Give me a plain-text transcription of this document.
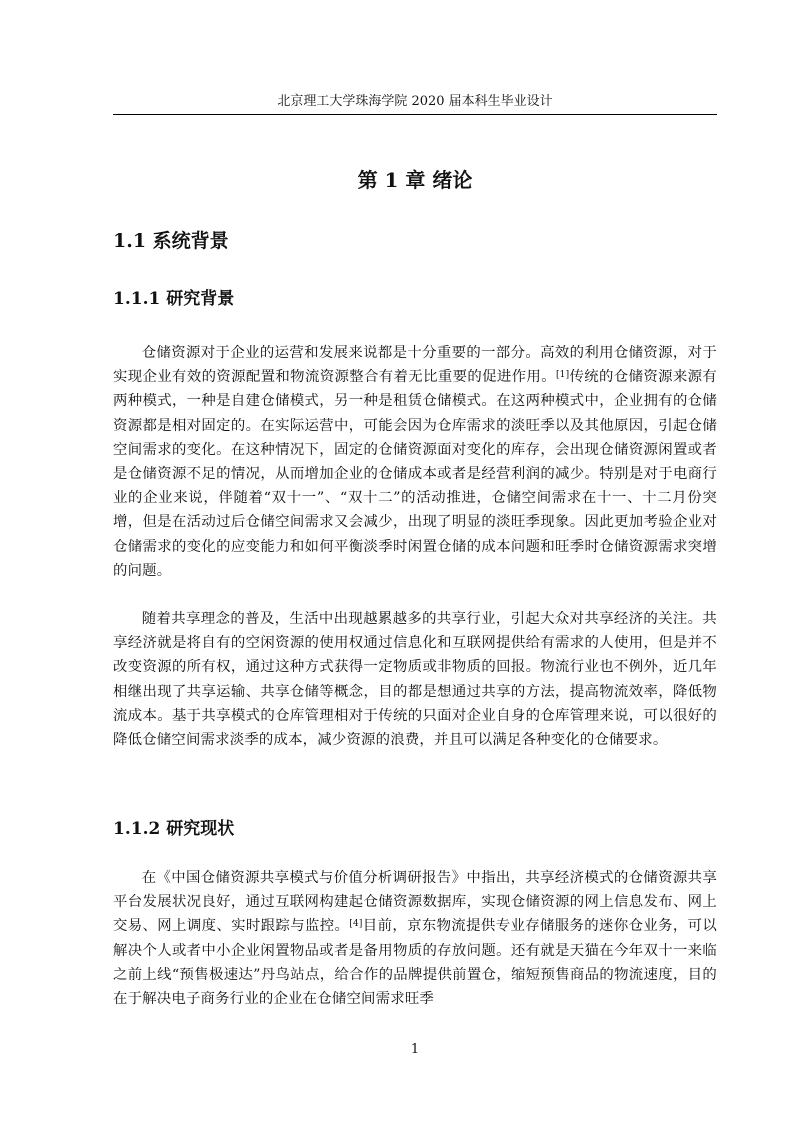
北京理工大学珠海学院 2020 届本科生毕业设计
第 1 章 绪论
1.1 系统背景
1.1.1 研究背景
仓储资源对于企业的运营和发展来说都是十分重要的一部分。高效的利用仓储资源，对于实现企业有效的资源配置和物流资源整合有着无比重要的促进作用。[1]传统的仓储资源来源有两种模式，一种是自建仓储模式，另一种是租赁仓储模式。在这两种模式中，企业拥有的仓储资源都是相对固定的。在实际运营中，可能会因为仓库需求的淡旺季以及其他原因，引起仓储空间需求的变化。在这种情况下，固定的仓储资源面对变化的库存，会出现仓储资源闲置或者是仓储资源不足的情况，从而增加企业的仓储成本或者是经营利润的减少。特别是对于电商行业的企业来说，伴随着“双十一”、“双十二”的活动推进，仓储空间需求在十一、十二月份突增，但是在活动过后仓储空间需求又会减少，出现了明显的淡旺季现象。因此更加考验企业对仓储需求的变化的应变能力和如何平衡淡季时闲置仓储的成本问题和旺季时仓储资源需求突增的问题。
随着共享理念的普及，生活中出现越累越多的共享行业，引起大众对共享经济的关注。共享经济就是将自有的空闲资源的使用权通过信息化和互联网提供给有需求的人使用，但是并不改变资源的所有权，通过这种方式获得一定物质或非物质的回报。物流行业也不例外，近几年相继出现了共享运输、共享仓储等概念，目的都是想通过共享的方法，提高物流效率，降低物流成本。基于共享模式的仓库管理相对于传统的只面对企业自身的仓库管理来说，可以很好的降低仓储空间需求淡季的成本，减少资源的浪费，并且可以满足各种变化的仓储要求。
1.1.2 研究现状
在《中国仓储资源共享模式与价值分析调研报告》中指出，共享经济模式的仓储资源共享平台发展状况良好，通过互联网构建起仓储资源数据库，实现仓储资源的网上信息发布、网上交易、网上调度、实时跟踪与监控。[4]目前，京东物流提供专业存储服务的迷你仓业务，可以解决个人或者中小企业闲置物品或者是备用物质的存放问题。还有就是天猫在今年双十一来临之前上线“预售极速达”丹鸟站点，给合作的品牌提供前置仓，缩短预售商品的物流速度，目的在于解决电子商务行业的企业在仓储空间需求旺季
1
